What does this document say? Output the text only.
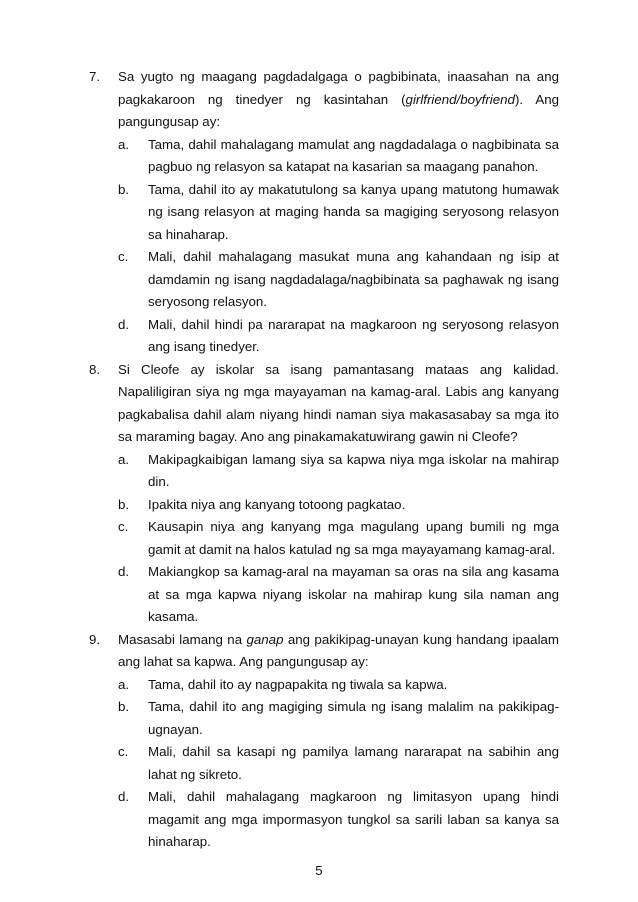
7. Sa yugto ng maagang pagdadalgaga o pagbibinata, inaasahan na ang pagkakaroon ng tinedyer ng kasintahan (girlfriend/boyfriend). Ang pangungusap ay:

a. Tama, dahil mahalagang mamulat ang nagdadalaga o nagbibinata sa pagbuo ng relasyon sa katapat na kasarian sa maagang panahon.

b. Tama, dahil ito ay makatutulong sa kanya upang matutong humawak ng isang relasyon at maging handa sa magiging seryosong relasyon sa hinaharap.

c. Mali, dahil mahalagang masukat muna ang kahandaan ng isip at damdamin ng isang nagdadalaga/nagbibinata sa paghawak ng isang seryosong relasyon.

d. Mali, dahil hindi pa nararapat na magkaroon ng seryosong relasyon ang isang tinedyer.

8. Si Cleofe ay iskolar sa isang pamantasang mataas ang kalidad. Napaliligiran siya ng mga mayayaman na kamag-aral. Labis ang kanyang pagkabalisa dahil alam niyang hindi naman siya makasasabay sa mga ito sa maraming bagay. Ano ang pinakamakatuwirang gawin ni Cleofe?

a. Makipagkaibigan lamang siya sa kapwa niya mga iskolar na mahirap din.

b. Ipakita niya ang kanyang totoong pagkatao.

c. Kausapin niya ang kanyang mga magulang upang bumili ng mga gamit at damit na halos katulad ng sa mga mayayamang kamag-aral.

d. Makiangkop sa kamag-aral na mayaman sa oras na sila ang kasama at sa mga kapwa niyang iskolar na mahirap kung sila naman ang kasama.

9. Masasabi lamang na ganap ang pakikipag-unayan kung handang ipaalam ang lahat sa kapwa. Ang pangungusap ay:

a. Tama, dahil ito ay nagpapakita ng tiwala sa kapwa.

b. Tama, dahil ito ang magiging simula ng isang malalim na pakikipag-ugnayan.

c. Mali, dahil sa kasapi ng pamilya lamang nararapat na sabihin ang lahat ng sikreto.

d. Mali, dahil mahalagang magkaroon ng limitasyon upang hindi magamit ang mga impormasyon tungkol sa sarili laban sa kanya sa hinaharap.

5
